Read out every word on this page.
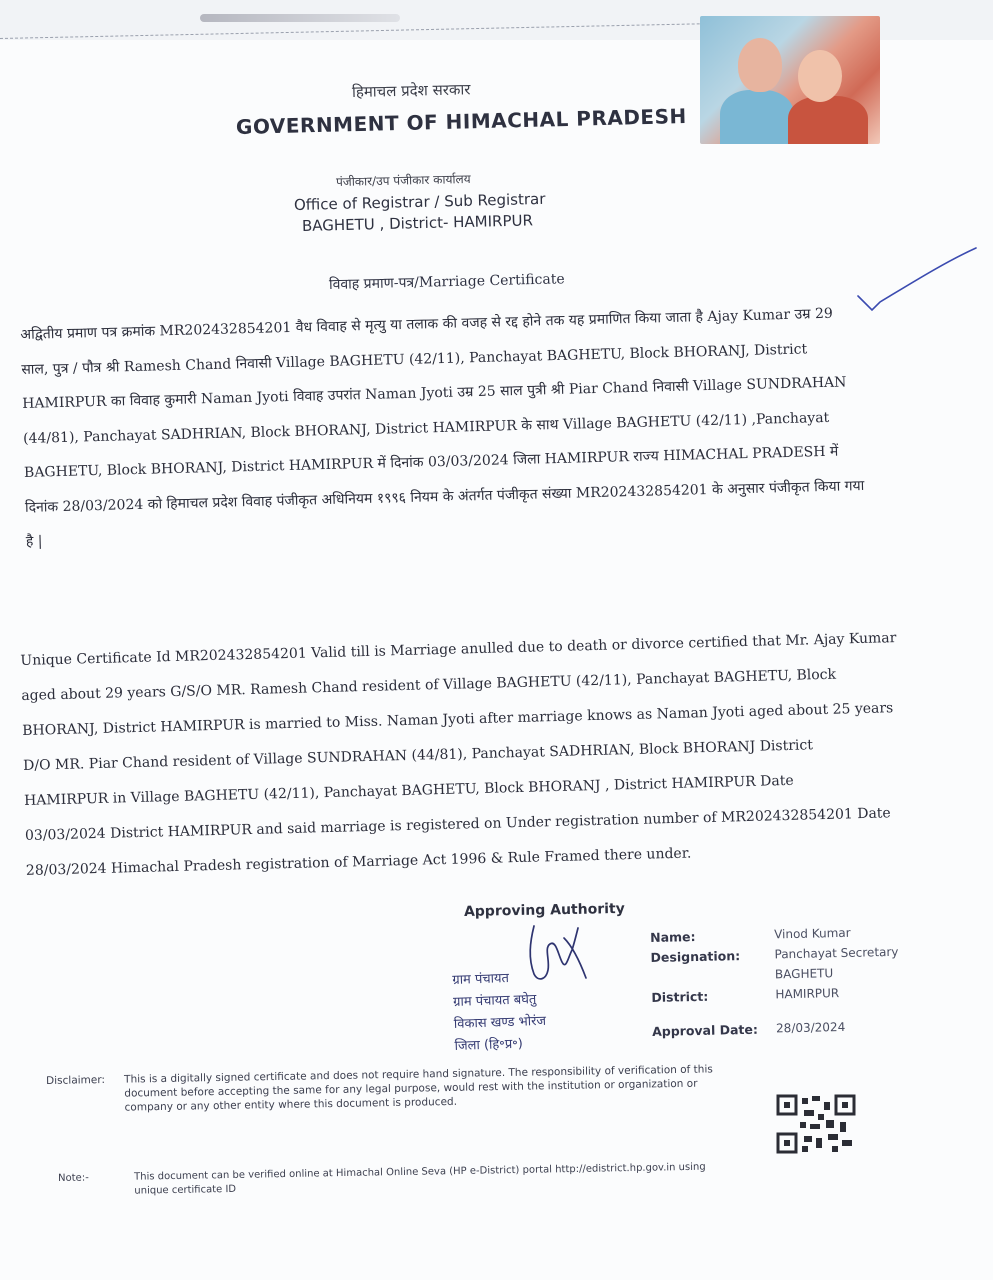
हिमाचल प्रदेश सरकार
GOVERNMENT OF HIMACHAL PRADESH
पंजीकार/उप पंजीकार कार्यालय
Office of Registrar / Sub Registrar
BAGHETU , District- HAMIRPUR
विवाह प्रमाण-पत्र/Marriage Certificate
अद्वितीय प्रमाण पत्र क्रमांक MR202432854201 वैध विवाह से मृत्यु या तलाक की वजह से रद्द होने तक यह प्रमाणित किया जाता है Ajay Kumar उम्र 29
साल, पुत्र / पौत्र श्री Ramesh Chand निवासी Village BAGHETU (42/11), Panchayat BAGHETU, Block BHORANJ, District
HAMIRPUR का विवाह कुमारी Naman Jyoti विवाह उपरांत Naman Jyoti उम्र 25 साल पुत्री श्री Piar Chand निवासी Village SUNDRAHAN
(44/81), Panchayat SADHRIAN, Block BHORANJ, District HAMIRPUR के साथ Village BAGHETU (42/11) ,Panchayat
BAGHETU, Block BHORANJ, District HAMIRPUR में दिनांक 03/03/2024 जिला HAMIRPUR राज्य HIMACHAL PRADESH में
दिनांक 28/03/2024 को हिमाचल प्रदेश विवाह पंजीकृत अधिनियम १९९६ नियम के अंतर्गत पंजीकृत संख्या MR202432854201 के अनुसार पंजीकृत किया गया
है |
Unique Certificate Id MR202432854201 Valid till is Marriage anulled due to death or divorce certified that Mr. Ajay Kumar
aged about 29 years G/S/O MR. Ramesh Chand resident of Village BAGHETU (42/11), Panchayat BAGHETU, Block
BHORANJ, District HAMIRPUR is married to Miss. Naman Jyoti after marriage knows as Naman Jyoti aged about 25 years
D/O MR. Piar Chand resident of Village SUNDRAHAN (44/81), Panchayat SADHRIAN, Block BHORANJ District
HAMIRPUR in Village BAGHETU (42/11), Panchayat BAGHETU, Block BHORANJ , District HAMIRPUR Date
03/03/2024 District HAMIRPUR and said marriage is registered on Under registration number of MR202432854201 Date
28/03/2024 Himachal Pradesh registration of Marriage Act 1996 & Rule Framed there under.
Approving Authority
ग्राम पंचायत
ग्राम पंचायत बघेतु
विकास खण्ड भोरंज
जिला (हि॰प्र॰)
Name:	Vinod Kumar
Designation:	Panchayat Secretary
BAGHETU
District:	HAMIRPUR
Approval Date: 28/03/2024
Disclaimer: This is a digitally signed certificate and does not require hand signature. The responsibility of verification of this document before accepting the same for any legal purpose, would rest with the institution or organization or company or any other entity where this document is produced.
Note:-	This document can be verified online at Himachal Online Seva (HP e-District) portal http://edistrict.hp.gov.in using unique certificate ID
